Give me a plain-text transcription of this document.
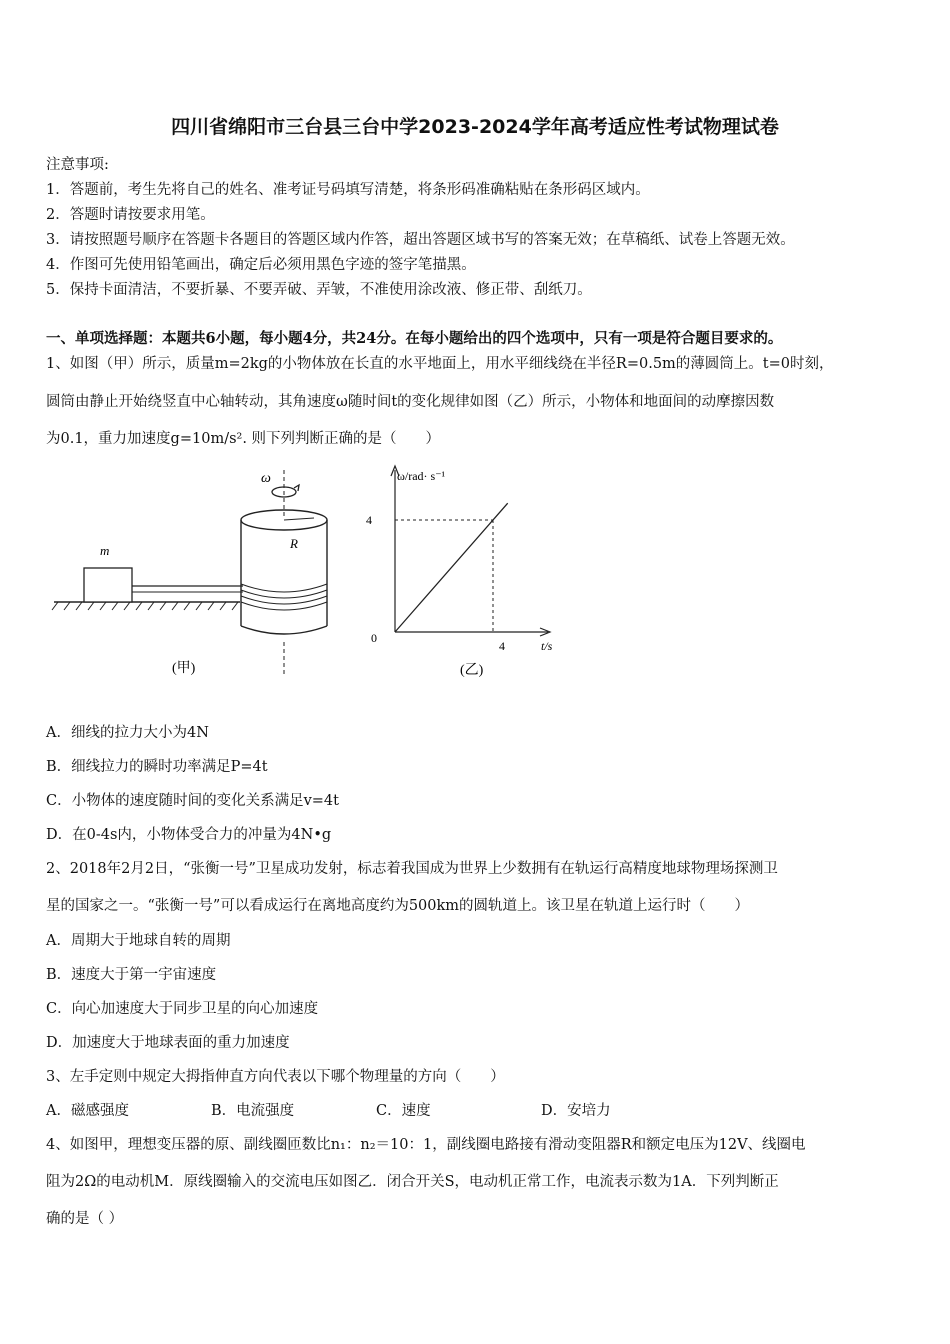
四川省绵阳市三台县三台中学2023-2024学年高考适应性考试物理试卷
注意事项:
1．答题前，考生先将自己的姓名、准考证号码填写清楚，将条形码准确粘贴在条形码区域内。
2．答题时请按要求用笔。
3．请按照题号顺序在答题卡各题目的答题区域内作答，超出答题区域书写的答案无效；在草稿纸、试卷上答题无效。
4．作图可先使用铅笔画出，确定后必须用黑色字迹的签字笔描黑。
5．保持卡面清洁，不要折暴、不要弄破、弄皱，不准使用涂改液、修正带、刮纸刀。
一、单项选择题：本题共6小题，每小题4分，共24分。在每小题给出的四个选项中，只有一项是符合题目要求的。
1、如图（甲）所示，质量m=2kg的小物体放在长直的水平地面上，用水平细线绕在半径R=0.5m的薄圆筒上。t=0时刻，
圆筒由静止开始绕竖直中心轴转动，其角速度ω随时间t的变化规律如图（乙）所示，小物体和地面间的动摩擦因数
为0.1，重力加速度g=10m/s². 则下列判断正确的是（　　）
m
ω
R
(甲)
ω/rad· s⁻¹
t/s
4
4
0
(乙)
A．细线的拉力大小为4N
B．细线拉力的瞬时功率满足P=4t
C．小物体的速度随时间的变化关系满足v=4t
D．在0-4s内，小物体受合力的冲量为4N•g
2、2018年2月2日，“张衡一号”卫星成功发射，标志着我国成为世界上少数拥有在轨运行高精度地球物理场探测卫
星的国家之一。“张衡一号”可以看成运行在离地高度约为500km的圆轨道上。该卫星在轨道上运行时（　　）
A．周期大于地球自转的周期
B．速度大于第一宇宙速度
C．向心加速度大于同步卫星的向心加速度
D．加速度大于地球表面的重力加速度
3、左手定则中规定大拇指伸直方向代表以下哪个物理量的方向（　　）
A．磁感强度	B．电流强度	C．速度	D．安培力
4、如图甲，理想变压器的原、副线圈匝数比n₁：n₂＝10：1，副线圈电路接有滑动变阻器R和额定电压为12V、线圈电
阻为2Ω的电动机M．原线圈输入的交流电压如图乙．闭合开关S，电动机正常工作，电流表示数为1A．下列判断正
确的是（ ）
